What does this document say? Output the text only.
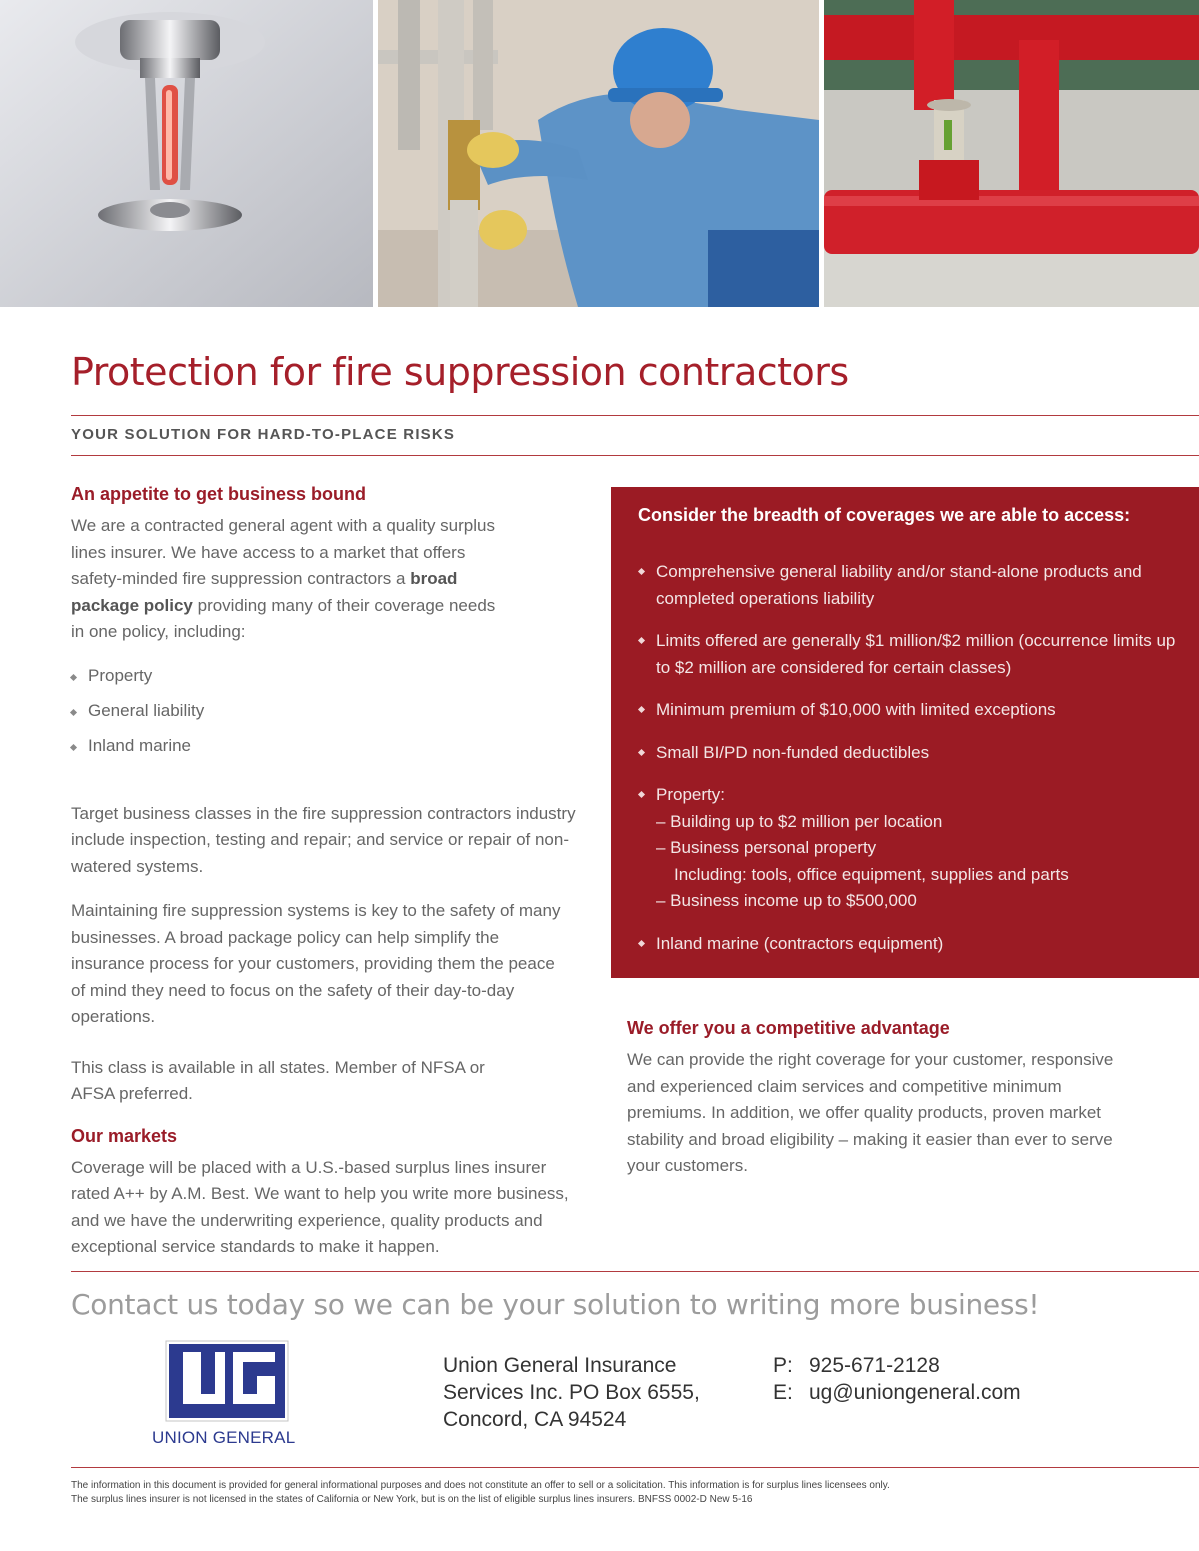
Protection for fire suppression contractors

YOUR SOLUTION FOR HARD-TO-PLACE RISKS

An appetite to get business bound

We are a contracted general agent with a quality surplus lines insurer. We have access to a market that offers safety-minded fire suppression contractors a broad package policy providing many of their coverage needs in one policy, including:

Property
General liability
Inland marine

Target business classes in the fire suppression contractors industry include inspection, testing and repair; and service or repair of non-watered systems.

Maintaining fire suppression systems is key to the safety of many businesses. A broad package policy can help simplify the insurance process for your customers, providing them the peace of mind they need to focus on the safety of their day-to-day operations.

This class is available in all states. Member of NFSA or AFSA preferred.

Our markets

Coverage will be placed with a U.S.-based surplus lines insurer rated A++ by A.M. Best. We want to help you write more business, and we have the underwriting experience, quality products and exceptional service standards to make it happen.

Consider the breadth of coverages we are able to access:
Comprehensive general liability and/or stand-alone products and completed operations liability
Limits offered are generally $1 million/$2 million (occurrence limits up to $2 million are considered for certain classes)
Minimum premium of $10,000 with limited exceptions
Small BI/PD non-funded deductibles
Property:
– Building up to $2 million per location
– Business personal property
Including: tools, office equipment, supplies and parts
– Business income up to $500,000
Inland marine (contractors equipment)
We offer you a competitive advantage

We can provide the right coverage for your customer, responsive and experienced claim services and competitive minimum premiums. In addition, we offer quality products, proven market stability and broad eligibility – making it easier than ever to serve your customers.

Contact us today so we can be your solution to writing more business!

UNION GENERAL
Union General Insurance
Services Inc. PO Box 6555,
Concord, CA 94524
P: 925-671-2128
E: ug@uniongeneral.com

The information in this document is provided for general informational purposes and does not constitute an offer to sell or a solicitation. This information is for surplus lines licensees only.
The surplus lines insurer is not licensed in the states of California or New York, but is on the list of eligible surplus lines insurers. BNFSS 0002-D New 5-16
